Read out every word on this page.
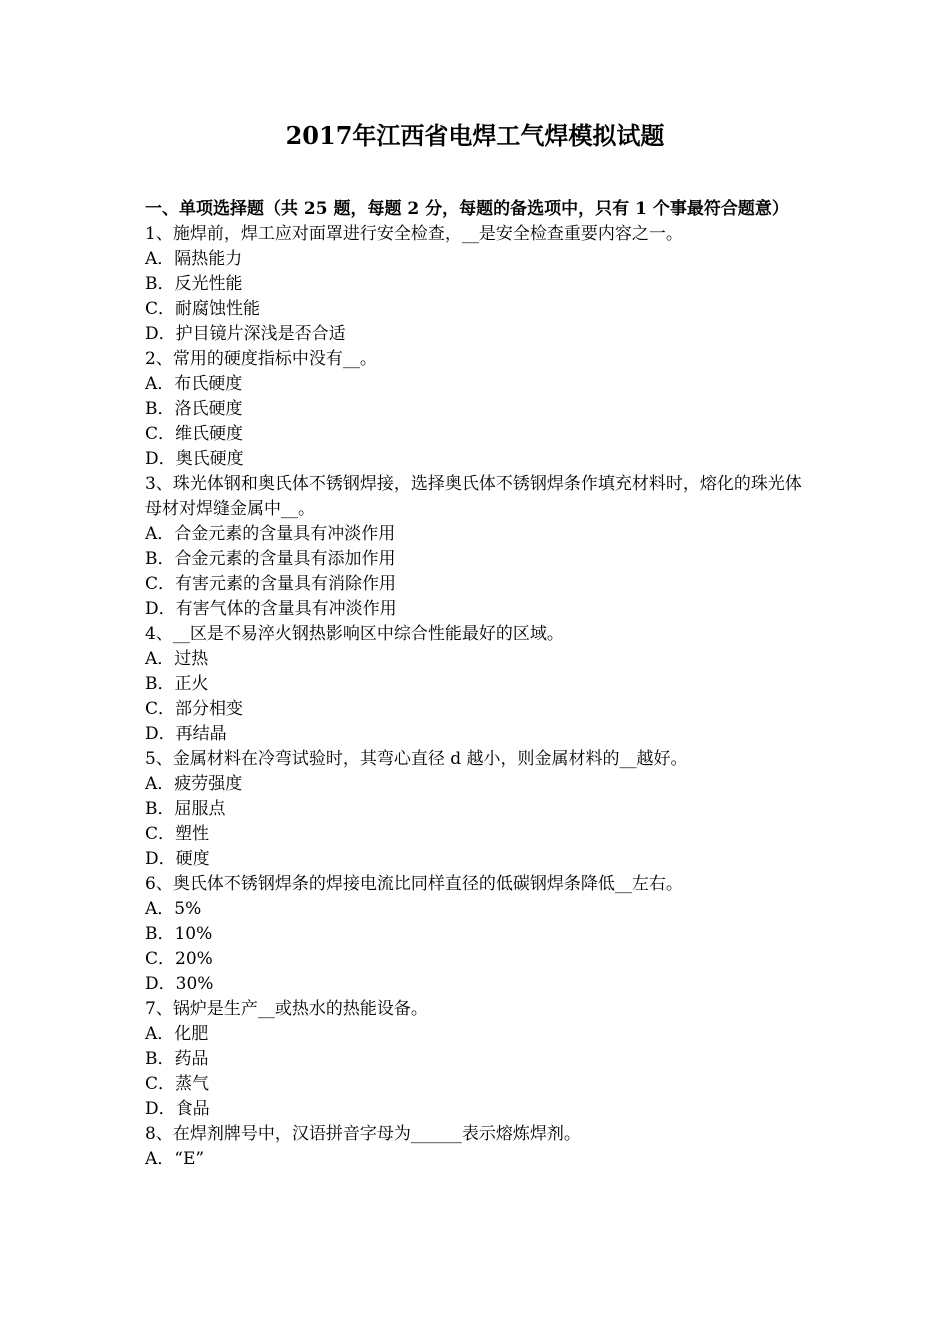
2017年江西省电焊工气焊模拟试题

一、单项选择题（共 25 题，每题 2 分，每题的备选项中，只有 1 个事最符合题意）

1、施焊前，焊工应对面罩进行安全检查，__是安全检查重要内容之一。

A．隔热能力

B．反光性能

C．耐腐蚀性能

D．护目镜片深浅是否合适

2、常用的硬度指标中没有__。

A．布氏硬度

B．洛氏硬度

C．维氏硬度

D．奥氏硬度

3、珠光体钢和奥氏体不锈钢焊接，选择奥氏体不锈钢焊条作填充材料时，熔化的珠光体母材对焊缝金属中__。

A．合金元素的含量具有冲淡作用

B．合金元素的含量具有添加作用

C．有害元素的含量具有消除作用

D．有害气体的含量具有冲淡作用

4、__区是不易淬火钢热影响区中综合性能最好的区域。

A．过热

B．正火

C．部分相变

D．再结晶

5、金属材料在冷弯试验时，其弯心直径 d 越小，则金属材料的__越好。

A．疲劳强度

B．屈服点

C．塑性

D．硬度

6、奥氏体不锈钢焊条的焊接电流比同样直径的低碳钢焊条降低__左右。

A．5%

B．10%

C．20%

D．30%

7、锅炉是生产__或热水的热能设备。

A．化肥

B．药品

C．蒸气

D．食品

8、在焊剂牌号中，汉语拼音字母为______表示熔炼焊剂。

A．“E”
